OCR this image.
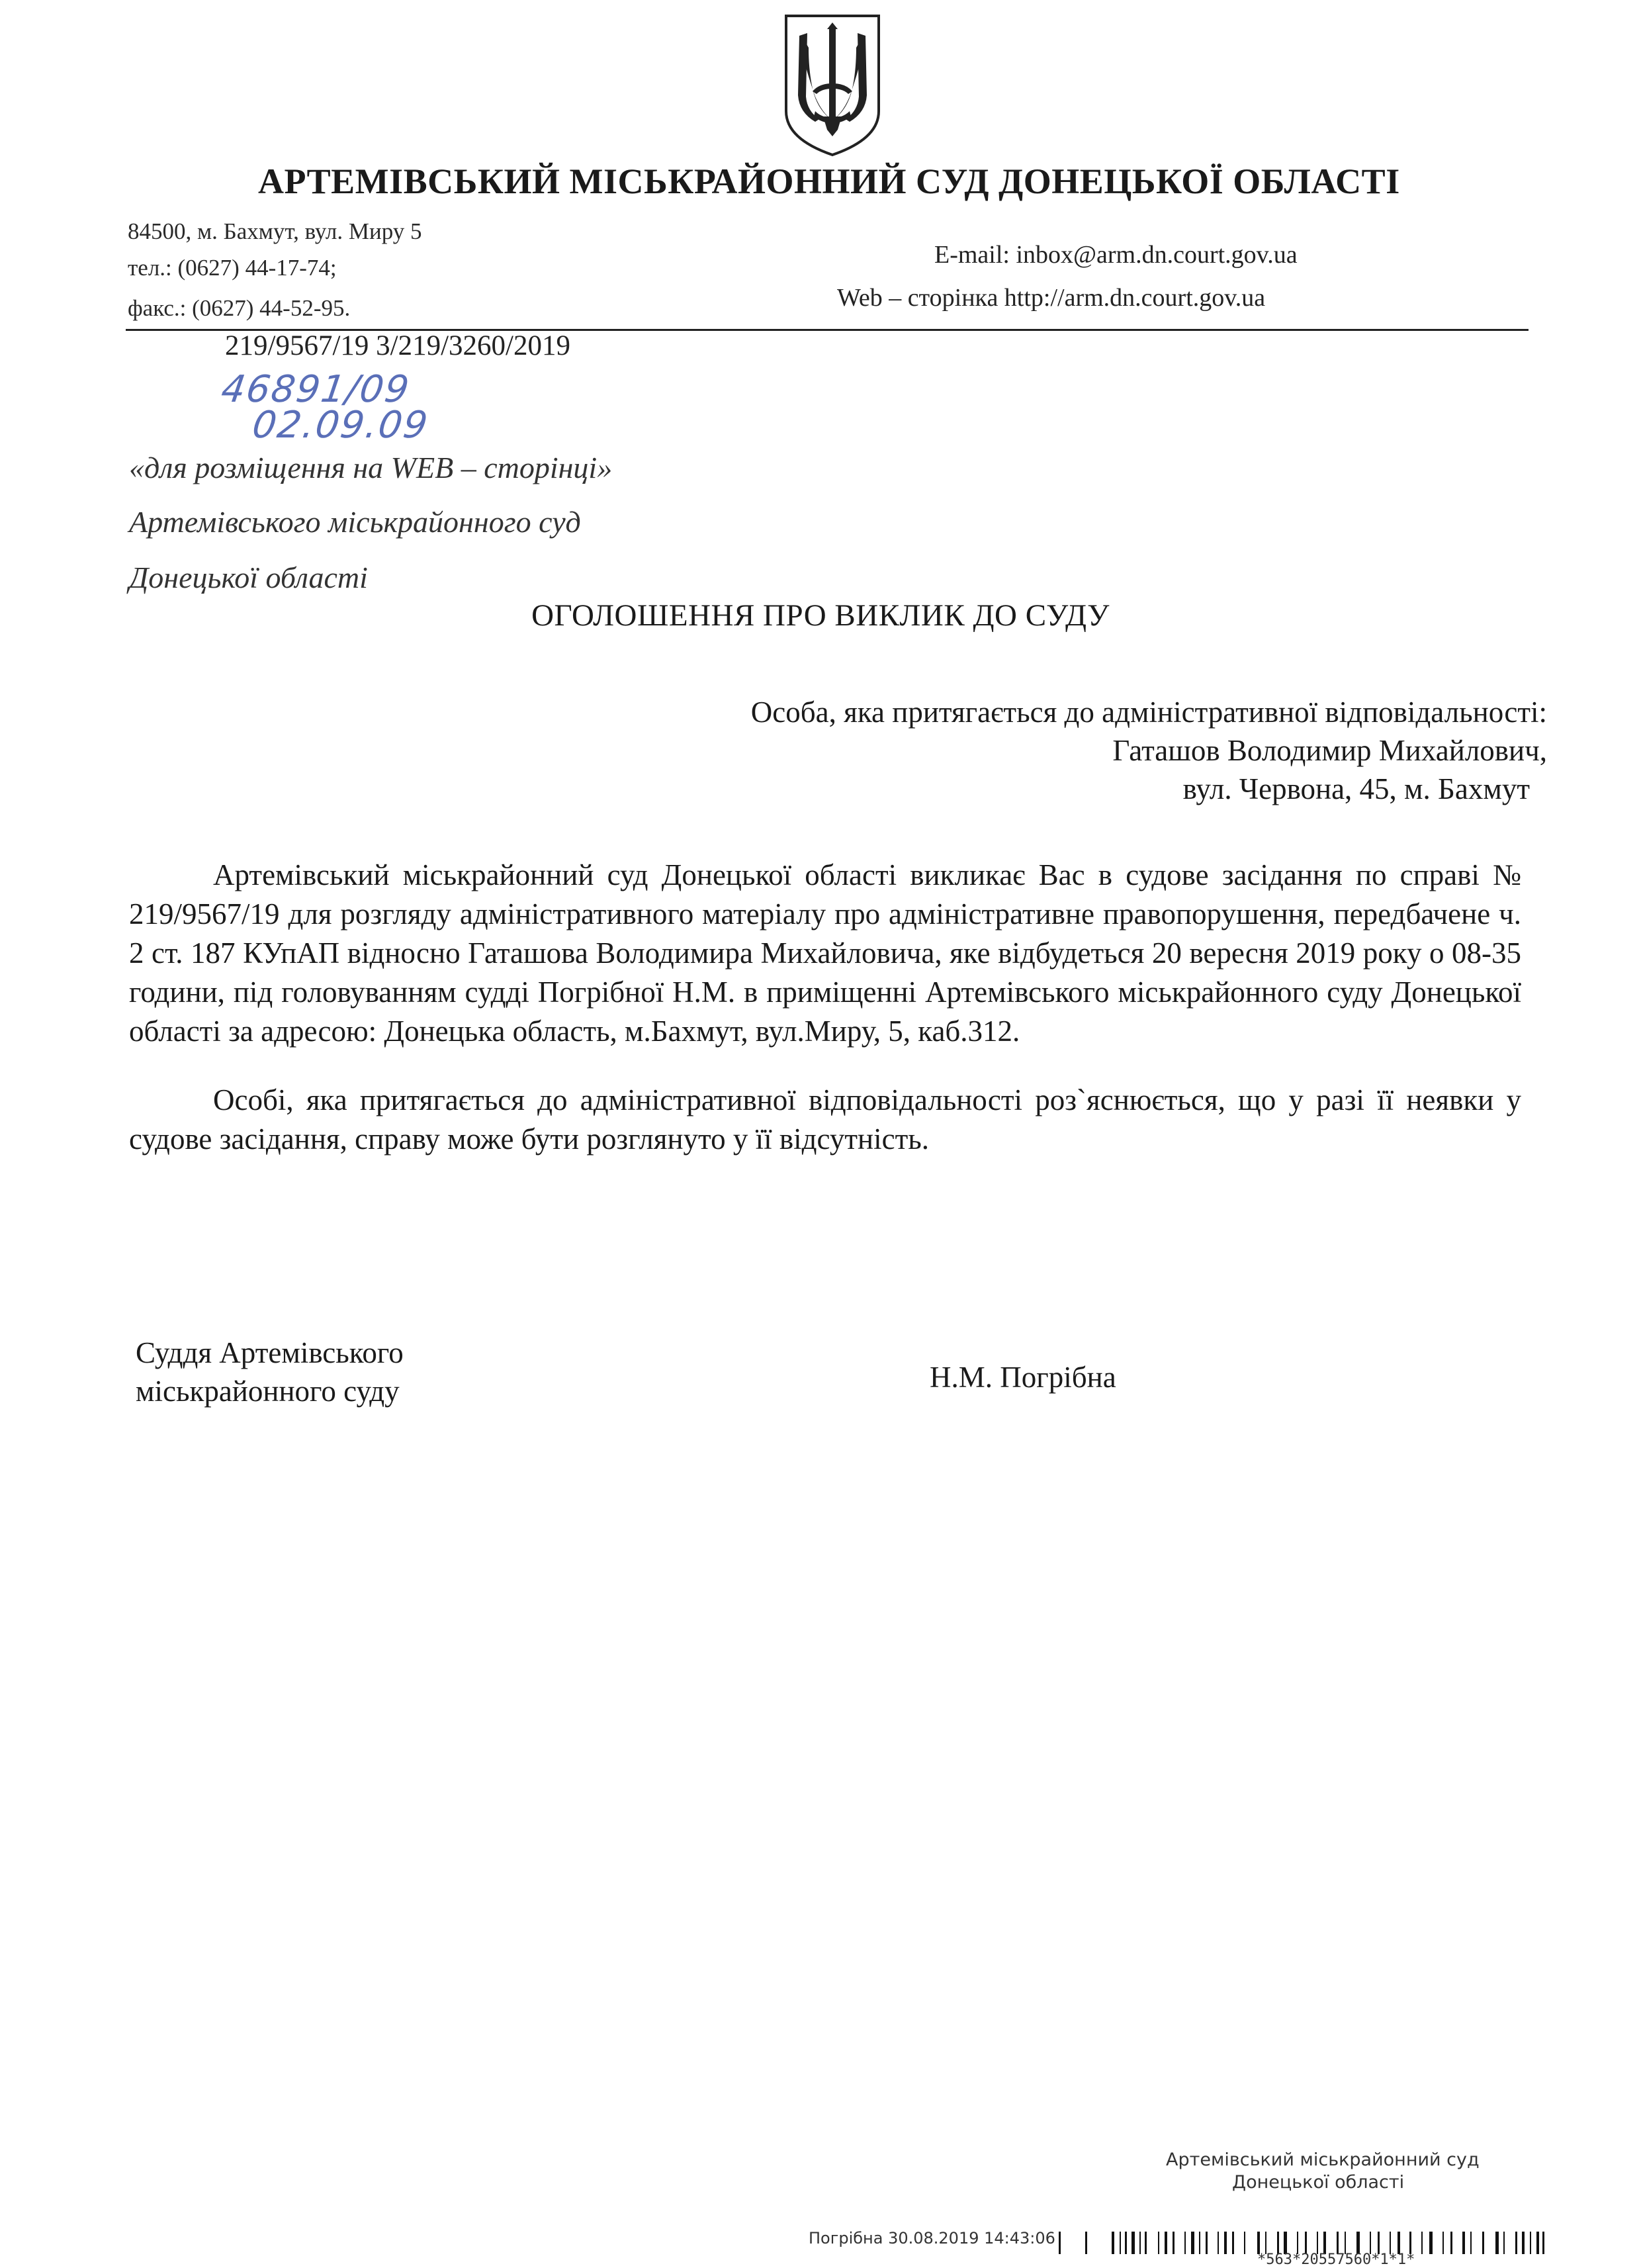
АРТЕМІВСЬКИЙ МІСЬКРАЙОННИЙ СУД ДОНЕЦЬКОЇ ОБЛАСТІ
84500, м. Бахмут, вул. Миру 5
тел.: (0627) 44-17-74;
факс.: (0627) 44-52-95.
E-mail: inbox@arm.dn.court.gov.ua
Web – сторінка http://arm.dn.court.gov.ua
219/9567/19 3/219/3260/2019
46891/09
02.09.09
«для розміщення на WEB – сторінці»
Артемівського міськрайонного суд
Донецької області
ОГОЛОШЕННЯ ПРО ВИКЛИК ДО СУДУ
Особа, яка притягається до адміністративної відповідальності:
Гаташов Володимир Михайлович,
вул. Червона, 45, м. Бахмут

Артемівський міськрайонний суд Донецької області викликає Вас в судове засідання по справі № 219/9567/19 для розгляду адміністративного матеріалу про адміністративне правопорушення, передбачене ч. 2 ст. 187 КУпАП відносно Гаташова Володимира Михайловича, яке відбудеться 20 вересня 2019 року о 08-35 години, під головуванням судді Погрібної Н.М. в приміщенні Артемівського міськрайонного суду Донецької області за адресою: Донецька область, м.Бахмут, вул.Миру, 5, каб.312.

Особі, яка притягається до адміністративної відповідальності роз`яснюється, що у разі її неявки у судове засідання, справу може бути розглянуто у її відсутність.

Суддя Артемівського
міськрайонного суду	Н.М. Погрібна
Артемівський міськрайонний суд
Донецької області
Погрібна 30.08.2019 14:43:06
*563*20557560*1*1*
